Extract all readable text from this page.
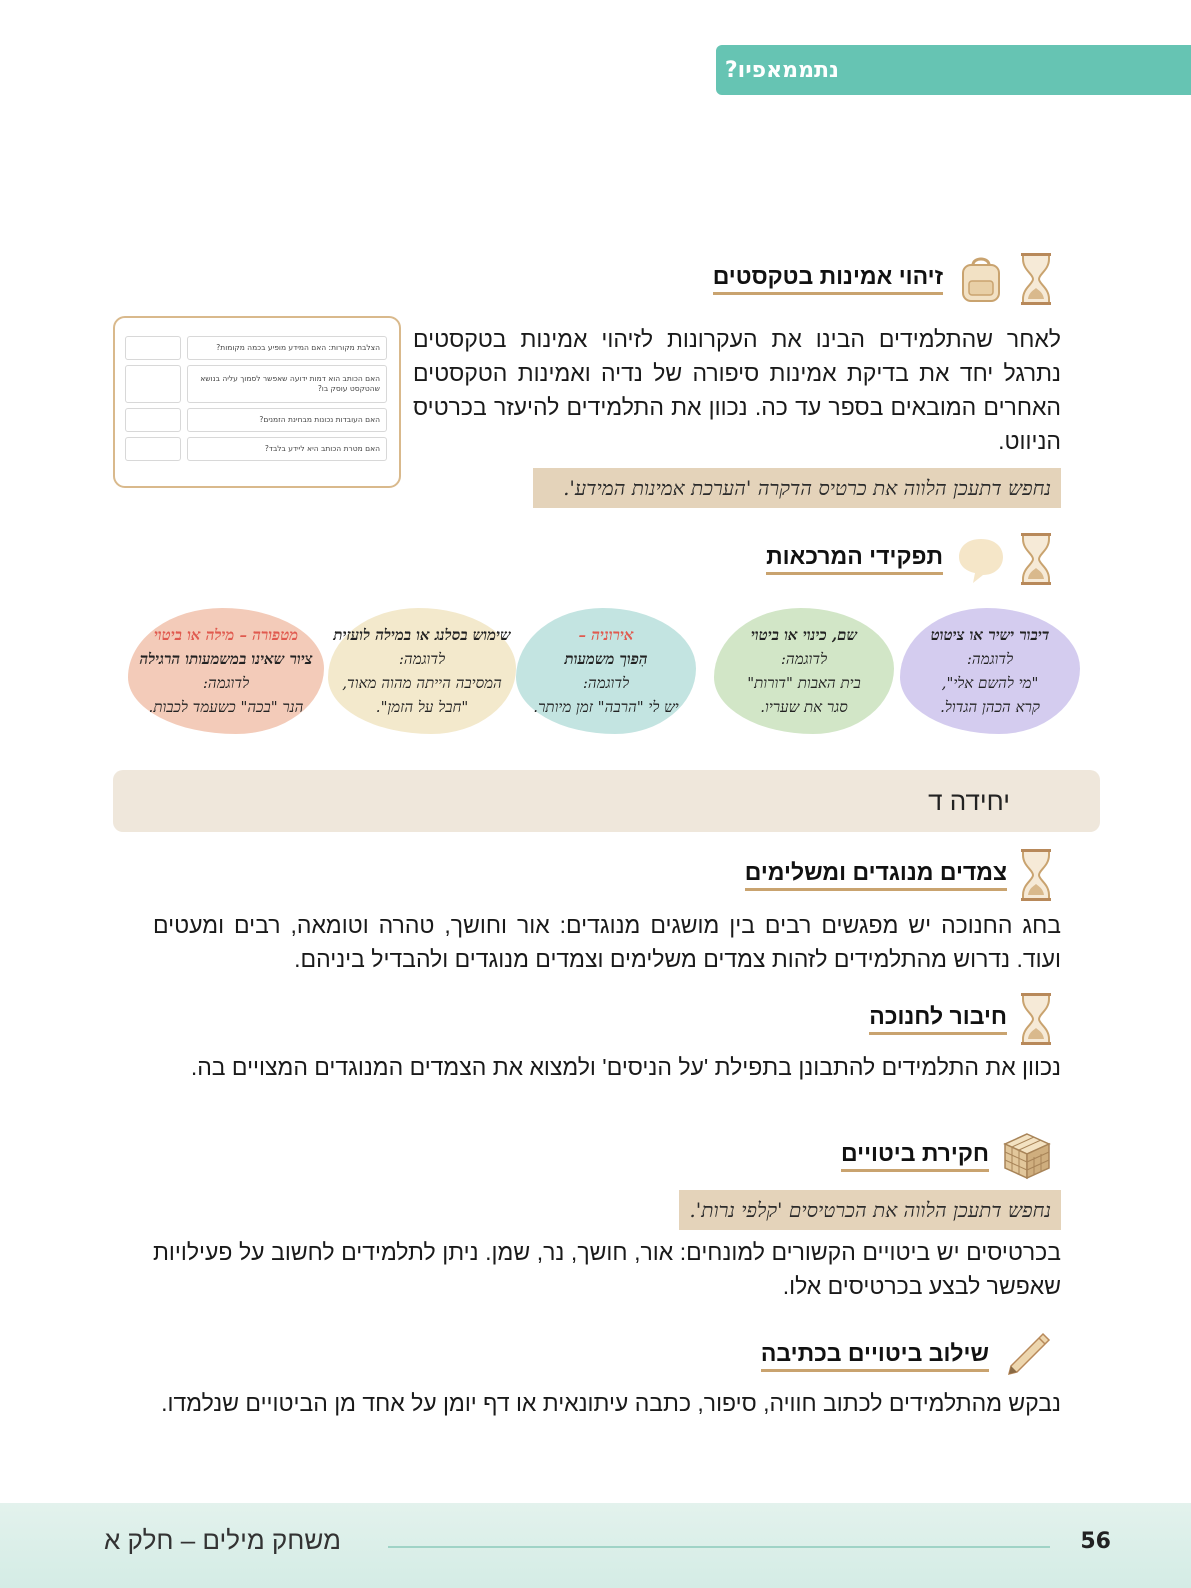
נתממאפיו?
זיהוי אמינות בטקסטים

לאחר שהתלמידים הבינו את העקרונות לזיהוי אמינות בטקסטים נתרגל יחד את בדיקת אמינות סיפורה של נדיה ואמינות הטקסטים האחרים המובאים בספר עד כה. נכוון את התלמידים להיעזר בכרטיס הניווט.

נחפש דתעכן הלווה את כרטיס הדקרה 'הערכת אמינות המידע'.
הצלבת מקורות: האם המידע מופיע בכמה מקומות?
האם הכותב הוא דמות ידועה שאפשר לסמוך עליה בנושא שהטקסט עוסק בו?
האם העובדות נכונות מבחינת הזמנים?
האם מטרת הכותב היא ליידע בלבד?
תפקידי המרכאות
דיבור ישיר או ציטוט
לדוגמה:
"מי להשם אלי",
קרא הכהן הגדול.
שם, כינוי או ביטוי
לדוגמה:
בית האבות "דורות"
סגר את שעריו.
אירוניה –
הִפוך משמעות
לדוגמה:
יש לי "הרבה" זמן מיותר.
שימוש בסלנג או במילה לועזית
לדוגמה:
המסיבה הייתה מהוה מאוד,
"חבל על הזמן".
מטפורה – מילה או ביטוי
ציור שאינו במשמעותו הרגילה
לדוגמה:
הנר "בכה" כשעמד לכבות.
יחידה ד
צמדים מנוגדים ומשלימים

בחג החנוכה יש מפגשים רבים בין מושגים מנוגדים: אור וחושך, טהרה וטומאה, רבים ומעטים ועוד. נדרוש מהתלמידים לזהות צמדים משלימים וצמדים מנוגדים ולהבדיל ביניהם.

חיבור לחנוכה

נכוון את התלמידים להתבונן בתפילת 'על הניסים' ולמצוא את הצמדים המנוגדים המצויים בה.

חקירת ביטויים
נחפש דתעכן הלווה את הכרטיסים 'קלפי נרות'.

בכרטיסים יש ביטויים הקשורים למונחים: אור, חושך, נר, שמן. ניתן לתלמידים לחשוב על פעילויות שאפשר לבצע בכרטיסים אלו.

שילוב ביטויים בכתיבה

נבקש מהתלמידים לכתוב חוויה, סיפור, כתבה עיתונאית או דף יומן על אחד מן הביטויים שנלמדו.

56
משחק מילים – חלק א
